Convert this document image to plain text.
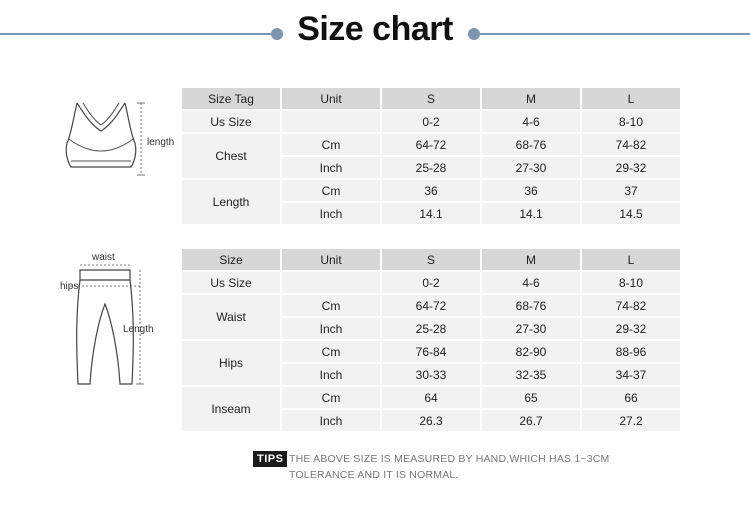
Size chart
length
waist
hips
Length
Size Tag	Unit	S	M	L
Us Size		0-2	4-6	8-10
Chest	Cm	64-72	68-76	74-82
	Inch	25-28	27-30	29-32
Length	Cm	36	36	37
	Inch	14.1	14.1	14.5
Size	Unit	S	M	L
Us Size		0-2	4-6	8-10
Waist	Cm	64-72	68-76	74-82
	Inch	25-28	27-30	29-32
Hips	Cm	76-84	82-90	88-96
	Inch	30-33	32-35	34-37
Inseam	Cm	64	65	66
	Inch	26.3	26.7	27.2
TIPS THE ABOVE SIZE IS MEASURED BY HAND,WHICH HAS 1~3CM TOLERANCE AND IT IS NORMAL.
